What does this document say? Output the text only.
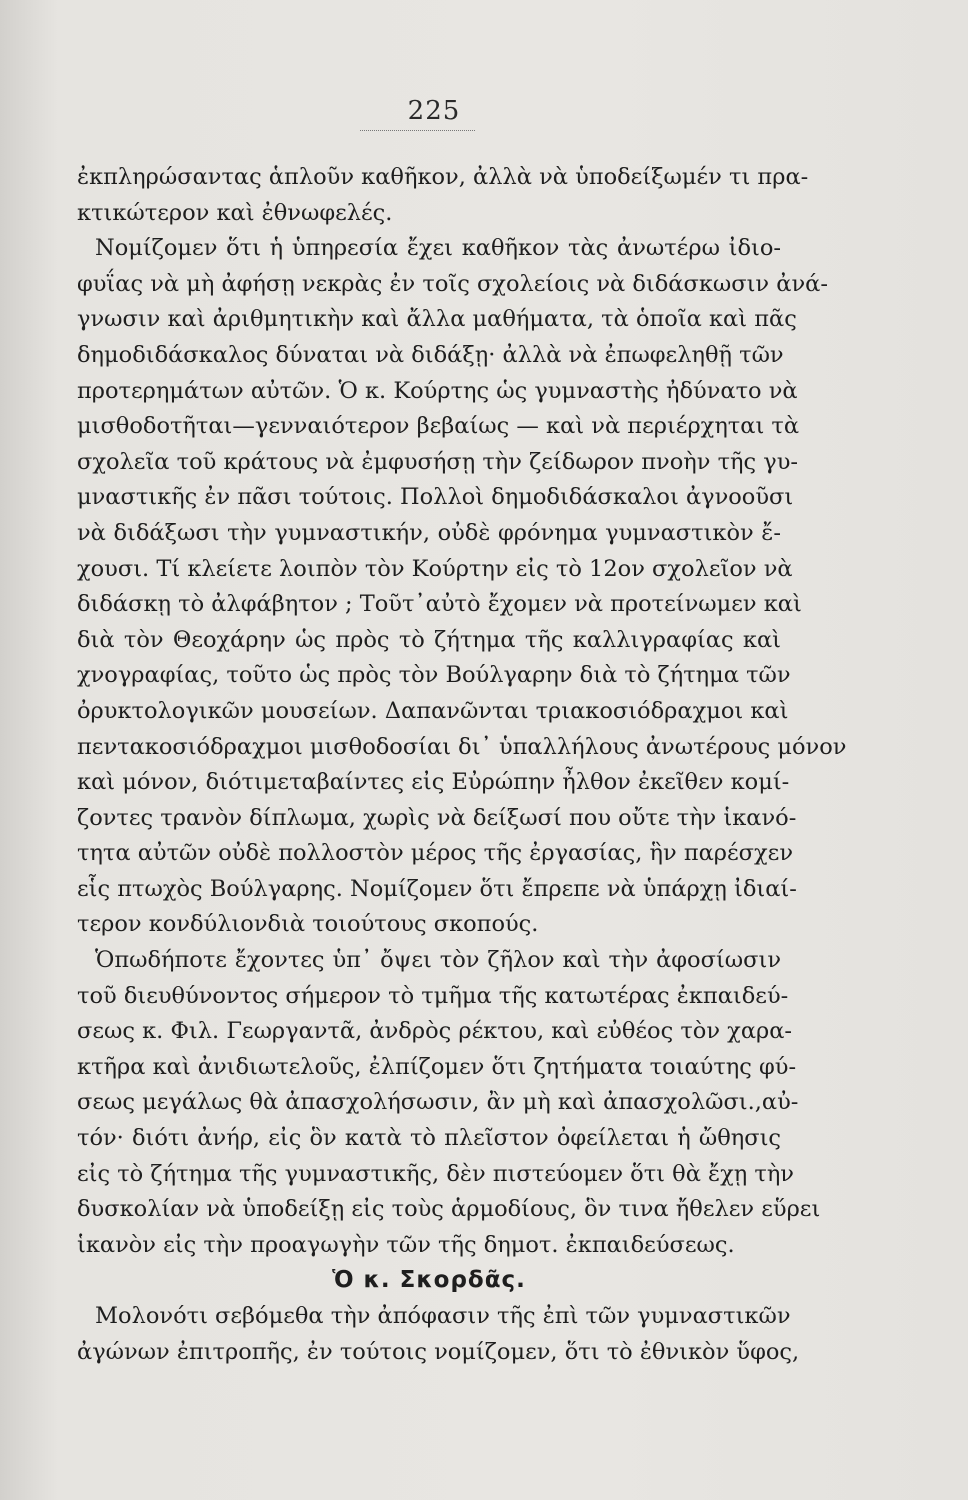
225
ἐκπληρώσαντας ἁπλοῦν καθῆκον, ἀλλὰ νὰ ὑποδείξωμέν τι πρα-
κτικώτερον καὶ ἐθνωφελές.
Νομίζομεν ὅτι ἡ ὑπηρεσία ἔχει καθῆκον τὰς ἀνωτέρω ἰδιο-
φυΐας νὰ μὴ ἀφήσῃ νεκρὰς ἐν τοῖς σχολείοις νὰ διδάσκωσιν ἀνά-
γνωσιν καὶ ἀριθμητικὴν καὶ ἄλλα μαθήματα, τὰ ὁποῖα καὶ πᾶς
δημοδιδάσκαλος δύναται νὰ διδάξῃ· ἀλλὰ νὰ ἐπωφεληθῇ τῶν
προτερημάτων αὐτῶν. Ὁ κ. Κούρτης ὡς γυμναστὴς ἠδύνατο νὰ
μισθοδοτῆται—γενναιότερον βεβαίως — καὶ νὰ περιέρχηται τὰ
σχολεῖα τοῦ κράτους νὰ ἐμφυσήσῃ τὴν ζείδωρον πνοὴν τῆς γυ-
μναστικῆς ἐν πᾶσι τούτοις. Πολλοὶ δημοδιδάσκαλοι ἀγνοοῦσι
νὰ διδάξωσι τὴν γυμναστικήν, οὐδὲ φρόνημα γυμναστικὸν ἔ-
χουσι. Τί κλείετε λοιπὸν τὸν Κούρτην εἰς τὸ 12ον σχολεῖον νὰ
διδάσκῃ τὸ ἀλφάβητον ; Τοῦτ᾽αὐτὸ ἔχομεν νὰ προτείνωμεν καὶ
διὰ τὸν Θεοχάρην ὡς πρὸς τὸ ζήτημα τῆς καλλιγραφίας καὶ
χνογραφίας, τοῦτο ὡς πρὸς τὸν Βούλγαρην διὰ τὸ ζήτημα τῶν
ὀρυκτολογικῶν μουσείων. Δαπανῶνται τριακοσιόδραχμοι καὶ
πεντακοσιόδραχμοι μισθοδοσίαι δι᾽ ὑπαλλήλους ἀνωτέρους μόνον
καὶ μόνον, διότιμεταβαίντες εἰς Εὐρώπην ἦλθον ἐκεῖθεν κομί-
ζοντες τρανὸν δίπλωμα, χωρὶς νὰ δείξωσί που οὔτε τὴν ἱκανό-
τητα αὐτῶν οὐδὲ πολλοστὸν μέρος τῆς ἐργασίας, ἣν παρέσχεν
εἷς πτωχὸς Βούλγαρης. Νομίζομεν ὅτι ἔπρεπε νὰ ὑπάρχῃ ἰδιαί-
τερον κονδύλιονδιὰ τοιούτους σκοπούς.
Ὁπωδήποτε ἔχοντες ὑπ᾽ ὄψει τὸν ζῆλον καὶ τὴν ἀφοσίωσιν
τοῦ διευθύνοντος σήμερον τὸ τμῆμα τῆς κατωτέρας ἐκπαιδεύ-
σεως κ. Φιλ. Γεωργαντᾶ, ἀνδρὸς ρέκτου, καὶ εὐθέος τὸν χαρα-
κτῆρα καὶ ἀνιδιωτελοῦς, ἐλπίζομεν ὅτι ζητήματα τοιαύτης φύ-
σεως μεγάλως θὰ ἀπασχολήσωσιν, ἂν μὴ καὶ ἀπασχολῶσι.,αὐ-
τόν· διότι ἀνήρ, εἰς ὃν κατὰ τὸ πλεῖστον ὀφείλεται ἡ ὤθησις
εἰς τὸ ζήτημα τῆς γυμναστικῆς, δὲν πιστεύομεν ὅτι θὰ ἔχῃ τὴν
δυσκολίαν νὰ ὑποδείξῃ εἰς τοὺς ἁρμοδίους, ὃν τινα ἤθελεν εὕρει
ἱκανὸν εἰς τὴν προαγωγὴν τῶν τῆς δημοτ. ἐκπαιδεύσεως.
Ὁ κ. Σκορδᾶς.
Μολονότι σεβόμεθα τὴν ἀπόφασιν τῆς ἐπὶ τῶν γυμναστικῶν
ἀγώνων ἐπιτροπῆς, ἐν τούτοις νομίζομεν, ὅτι τὸ ἐθνικὸν ὕφος,
